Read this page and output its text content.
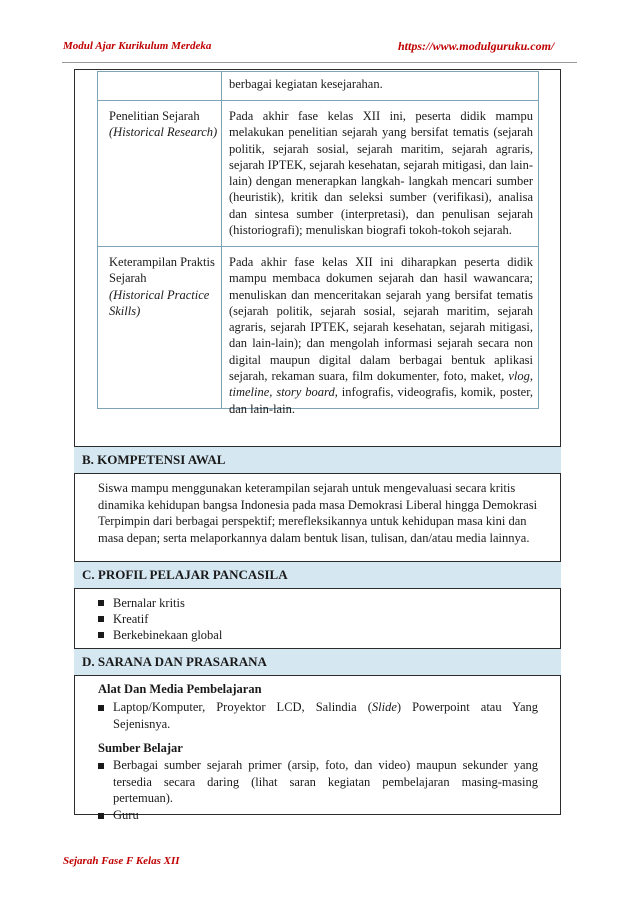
Modul Ajar Kurikulum Merdeka	https://www.modulguruku.com/
berbagai kegiatan kesejarahan.
Penelitian Sejarah
(Historical Research)
Pada akhir fase kelas XII ini, peserta didik mampu melakukan penelitian sejarah yang bersifat tematis (sejarah politik, sejarah sosial, sejarah maritim, sejarah agraris, sejarah IPTEK, sejarah kesehatan, sejarah mitigasi, dan lain-lain) dengan menerapkan langkah- langkah mencari sumber (heuristik), kritik dan seleksi sumber (verifikasi), analisa dan sintesa sumber (interpretasi), dan penulisan sejarah (historiografi); menuliskan biografi tokoh-tokoh sejarah.
Keterampilan Praktis Sejarah
(Historical Practice Skills)
Pada akhir fase kelas XII ini diharapkan peserta didik mampu membaca dokumen sejarah dan hasil wawancara; menuliskan dan menceritakan sejarah yang bersifat tematis (sejarah politik, sejarah sosial, sejarah maritim, sejarah agraris, sejarah IPTEK, sejarah kesehatan, sejarah mitigasi, dan lain-lain); dan mengolah informasi sejarah secara non digital maupun digital dalam berbagai bentuk aplikasi sejarah, rekaman suara, film dokumenter, foto, maket, vlog, timeline, story board, infografis, videografis, komik, poster, dan lain-lain.
B. KOMPETENSI AWAL
Siswa mampu menggunakan keterampilan sejarah untuk mengevaluasi secara kritis dinamika kehidupan bangsa Indonesia pada masa Demokrasi Liberal hingga Demokrasi Terpimpin dari berbagai perspektif; merefleksikannya untuk kehidupan masa kini dan masa depan; serta melaporkannya dalam bentuk lisan, tulisan, dan/atau media lainnya.
C. PROFIL PELAJAR PANCASILA
Bernalar kritis
Kreatif
Berkebinekaan global
D. SARANA DAN PRASARANA
Alat Dan Media Pembelajaran
Laptop/Komputer, Proyektor LCD, Salindia (Slide) Powerpoint atau Yang Sejenisnya.
Sumber Belajar
Berbagai sumber sejarah primer (arsip, foto, dan video) maupun sekunder yang tersedia secara daring (lihat saran kegiatan pembelajaran masing-masing pertemuan).
Guru
Sejarah Fase F Kelas XII
